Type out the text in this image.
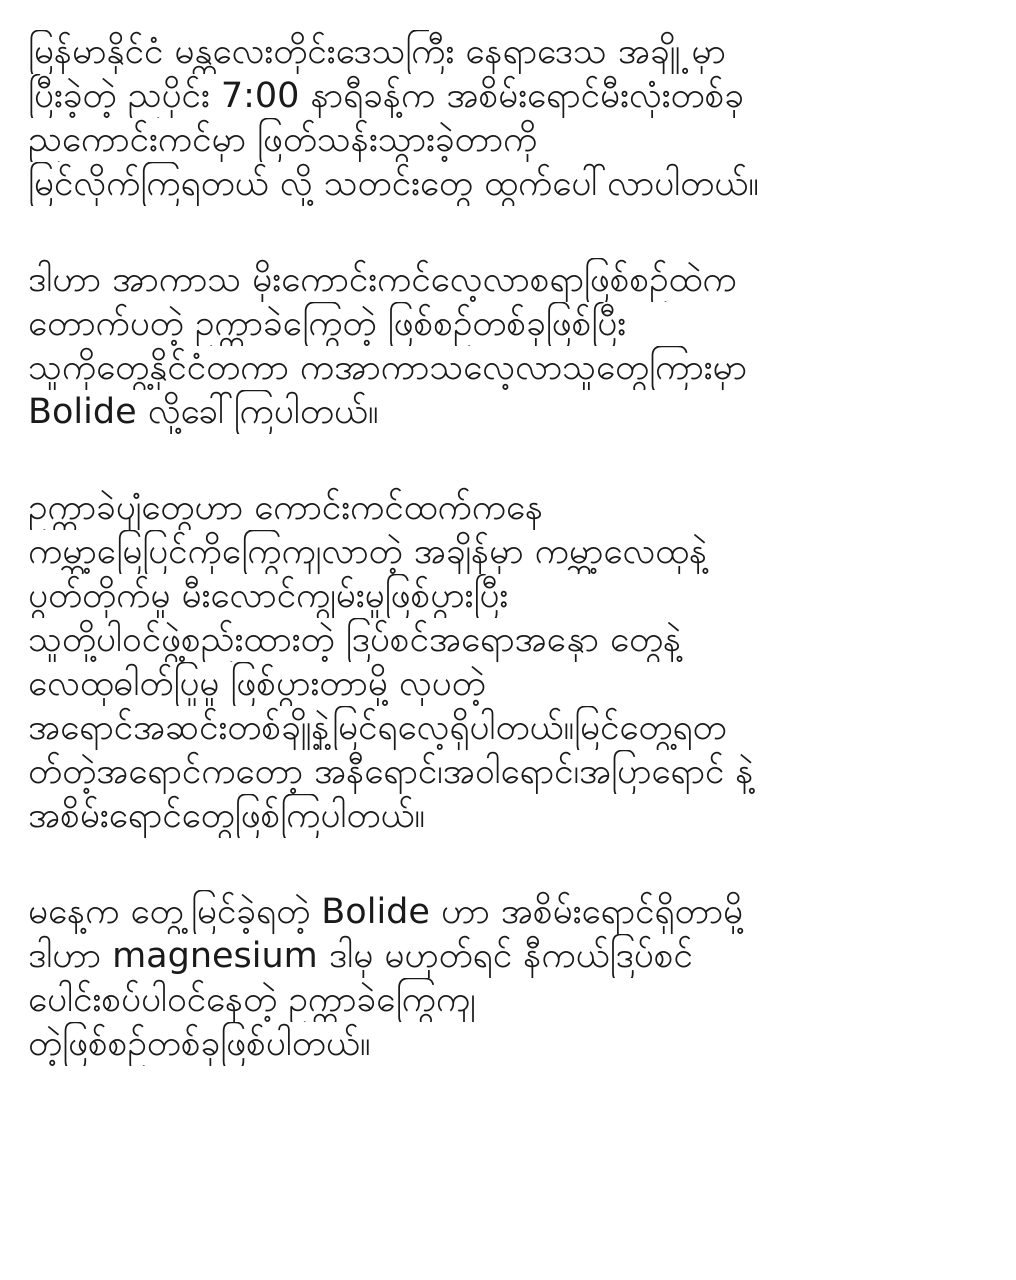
မြန်မာနိုင်ငံ မန္တလေးတိုင်းဒေသကြီး နေရာဒေသ အချို့ မှာ
ပြီးခဲ့တဲ့ ညပိုင်း 7:00 နာရီခန့်က အစိမ်းရောင်မီးလုံးတစ်ခု
ညကောင်းကင်မှာ ဖြတ်သန်းသွားခဲ့တာကို
မြင်လိုက်ကြရတယ် လို့ သတင်းတွေ ထွက်ပေါ်လာပါတယ်။

ဒါဟာ အာကာသ မိုးကောင်းကင်လေ့လာစရာဖြစ်စဉ်ထဲက
တောက်ပတဲ့ ဥက္ကာခဲကြွေတဲ့ ဖြစ်စဉ်တစ်ခုဖြစ်ပြီး
သူကိုတွေ့နိုင်ငံတကာ ကအာကာသလေ့လာသူတွေကြားမှာ
Bolide လို့ခေါ်ကြပါတယ်။

ဥက္ကာခဲပျံတွေဟာ ကောင်းကင်ထက်ကနေ
ကမ္ဘာ့မြေပြင်ကိုကြွေကျလာတဲ့ အချိန်မှာ ကမ္ဘာ့လေထုနဲ့
ပွတ်တိုက်မှု မီးလောင်ကျွမ်းမှုဖြစ်ပွားပြီး
သူတို့ပါဝင်ဖွဲ့စည်းထားတဲ့ ဒြပ်စင်အရောအနှော တွေနဲ့
လေထုဓါတ်ပြုမှု ဖြစ်ပွားတာမို့ လုပတဲ့
အရောင်အဆင်းတစ်ချို့နဲ့မြင်ရလေ့ရှိပါတယ်။မြင်တွေ့ရတ
တ်တဲ့အရောင်ကတော့ အနီရောင်၊အဝါရောင်၊အပြာရောင် နဲ့
အစိမ်းရောင်တွေဖြစ်ကြပါတယ်။

မနေ့က တွေ့မြင်ခဲ့ရတဲ့ Bolide ဟာ အစိမ်းရောင်ရှိတာမို့
ဒါဟာ magnesium ဒါမှ မဟုတ်ရင် နီကယ်ဒြပ်စင်
ပေါင်းစပ်ပါဝင်နေတဲ့ ဥက္ကာခဲကြွေကျ
တဲ့ဖြစ်စဉ်တစ်ခုဖြစ်ပါတယ်။
